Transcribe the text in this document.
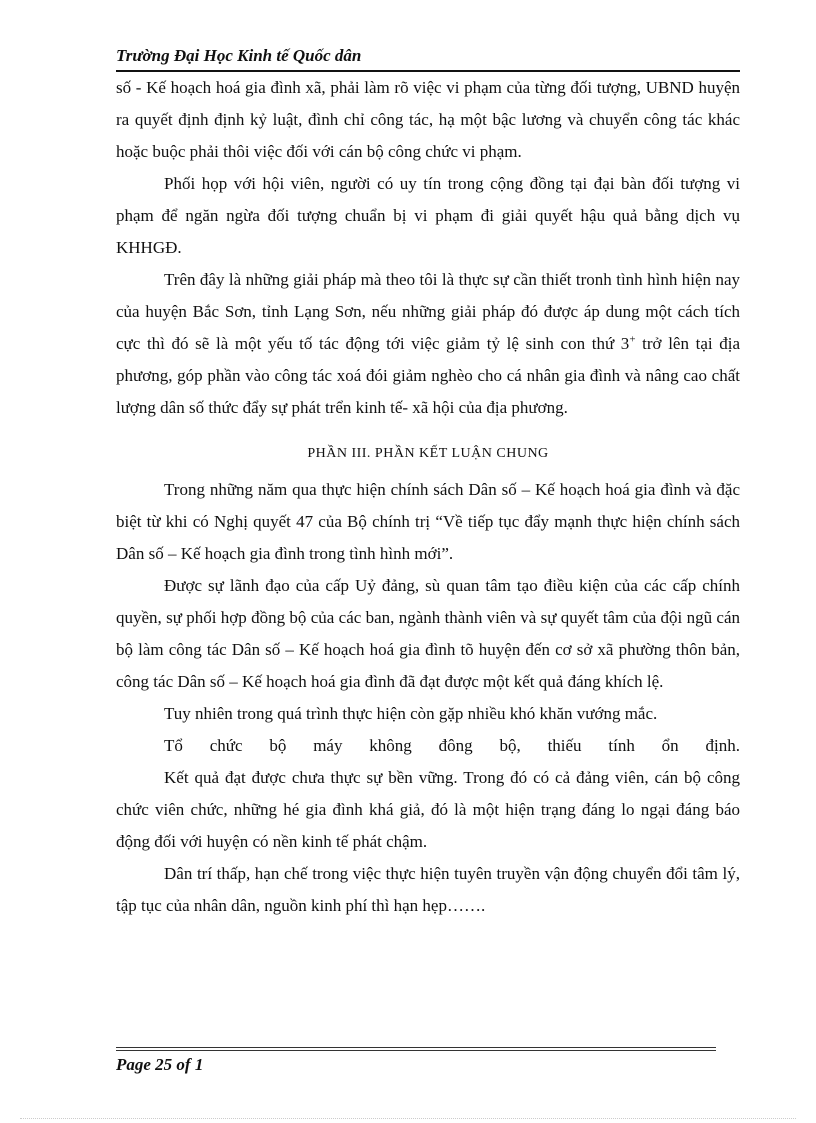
Trường Đại Học Kinh tế Quốc dân

số - Kế hoạch hoá gia đình xã, phải làm rõ việc vi phạm của từng đối tượng, UBND huyện ra quyết định định kỷ luật, đình chỉ công tác, hạ một bậc lương và chuyển công tác khác hoặc buộc phải thôi việc đối với cán bộ công chức vi phạm.

Phối họp với hội viên, người có uy tín trong cộng đồng tại đại bàn đối tượng vi phạm để ngăn ngừa đối tượng chuẩn bị vi phạm đi giải quyết hậu quả bằng dịch vụ KHHGĐ.

Trên đây là những giải pháp mà theo tôi là thực sự cần thiết tronh tình hình hiện nay của huyện Bắc Sơn, tỉnh Lạng Sơn, nếu những giải pháp đó được áp dung một cách tích cực thì đó sẽ là một yếu tố tác động tới việc giảm tỷ lệ sinh con thứ 3+ trở lên tại địa phương, góp phần vào công tác xoá đói giảm nghèo cho cá nhân gia đình và nâng cao chất lượng dân số thức đẩy sự phát trển kinh tế- xã hội của địa phương.

PHẦN III. PHẦN KẾT LUẬN CHUNG

Trong những năm qua thực hiện chính sách Dân số – Kế hoạch hoá gia đình và đặc biệt từ khi có Nghị quyết 47 của Bộ chính trị “Về tiếp tục đẩy mạnh thực hiện chính sách Dân số – Kế hoạch gia đình trong tình hình mới”.

Được sự lãnh đạo của cấp Uỷ đảng, sù quan tâm tạo điều kiện của các cấp chính quyền, sự phối hợp đồng bộ của các ban, ngành thành viên và sự quyết tâm của đội ngũ cán bộ làm công tác Dân số – Kế hoạch hoá gia đình tõ huyện đến cơ sở xã phường thôn bản, công tác Dân số – Kế hoạch hoá gia đình đã đạt được một kết quả đáng khích lệ.

Tuy nhiên trong quá trình thực hiện còn gặp nhiều khó khăn vướng mắc.

Tổ chức bộ máy không đông bộ, thiếu tính ổn định.

Kết quả đạt được chưa thực sự bền vững. Trong đó có cả đảng viên, cán bộ công chức viên chức, những hé gia đình khá giả, đó là một hiện trạng đáng lo ngại đáng báo động đối với huyện có nền kinh tế phát chậm.

Dân trí thấp, hạn chế trong việc thực hiện tuyên truyền vận động chuyển đổi tâm lý, tập tục của nhân dân, nguồn kinh phí thì hạn hẹp…….

Page 25 of 1
